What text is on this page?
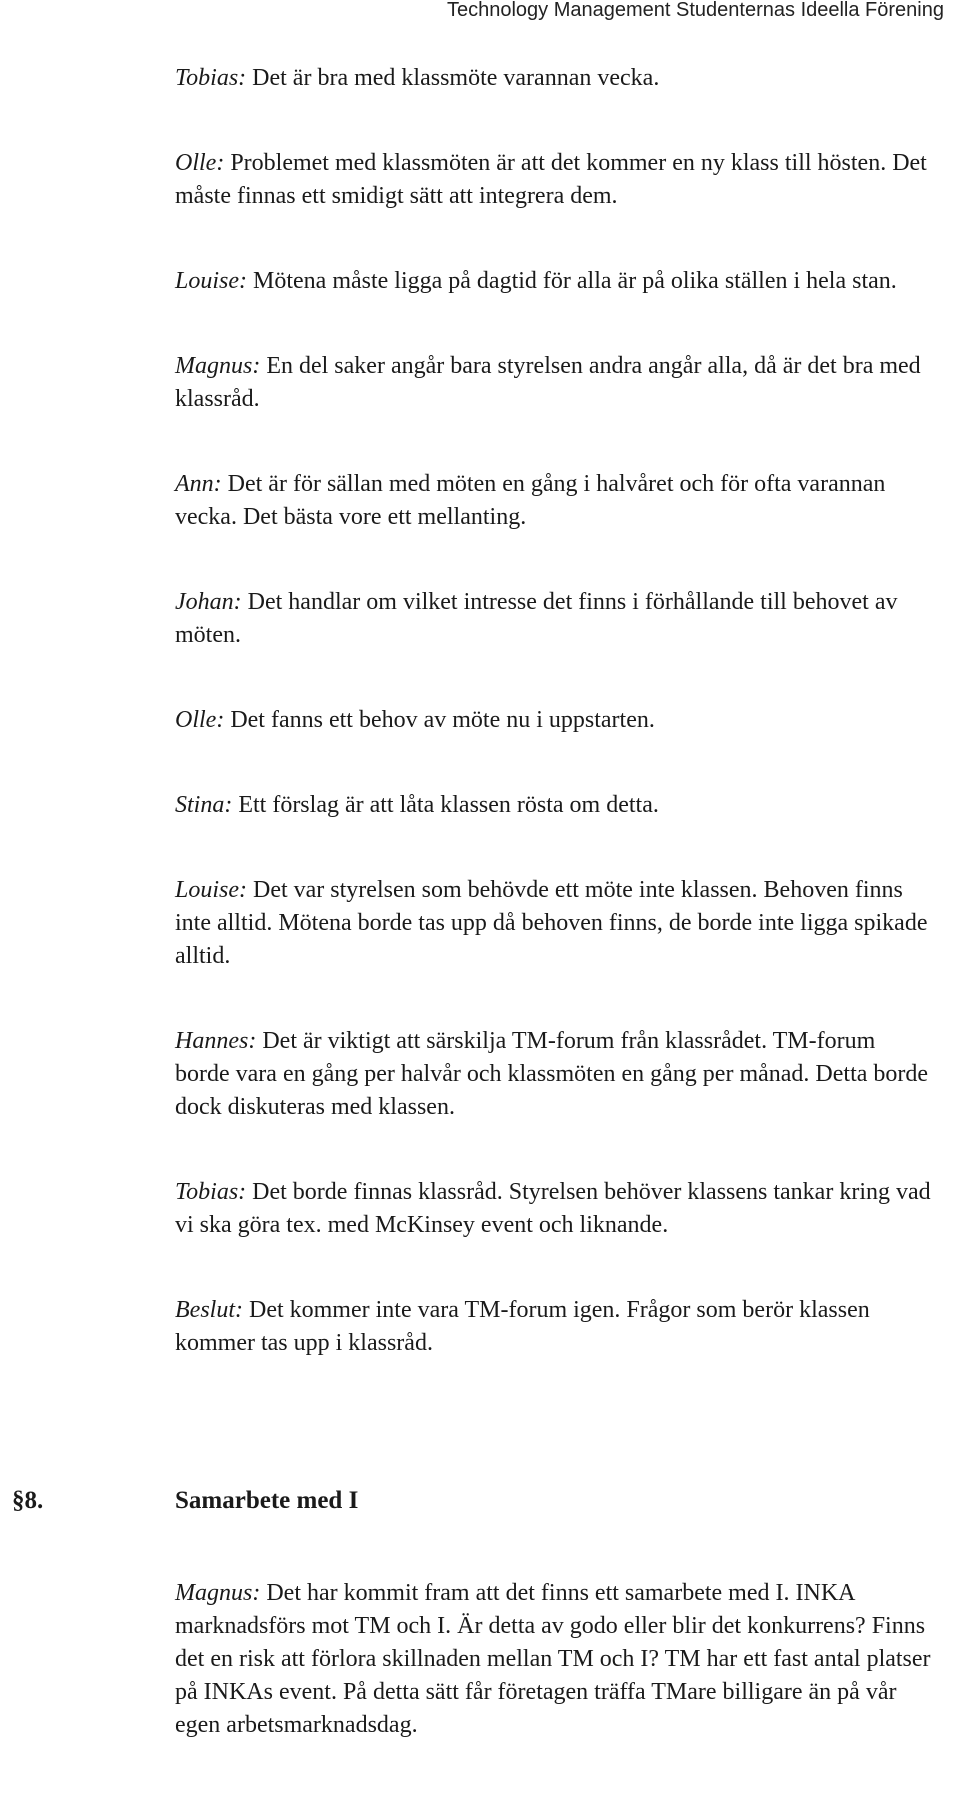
Technology Management Studenternas Ideella Förening

Tobias: Det är bra med klassmöte varannan vecka.

Olle: Problemet med klassmöten är att det kommer en ny klass till hösten. Det måste finnas ett smidigt sätt att integrera dem.

Louise: Mötena måste ligga på dagtid för alla är på olika ställen i hela stan.

Magnus: En del saker angår bara styrelsen andra angår alla, då är det bra med klassråd.

Ann: Det är för sällan med möten en gång i halvåret och för ofta varannan vecka. Det bästa vore ett mellanting.

Johan: Det handlar om vilket intresse det finns i förhållande till behovet av möten.

Olle: Det fanns ett behov av möte nu i uppstarten.

Stina: Ett förslag är att låta klassen rösta om detta.

Louise: Det var styrelsen som behövde ett möte inte klassen. Behoven finns inte alltid. Mötena borde tas upp då behoven finns, de borde inte ligga spikade alltid.

Hannes: Det är viktigt att särskilja TM-forum från klassrådet. TM-forum borde vara en gång per halvår och klassmöten en gång per månad. Detta borde dock diskuteras med klassen.

Tobias: Det borde finnas klassråd. Styrelsen behöver klassens tankar kring vad vi ska göra tex. med McKinsey event och liknande.

Beslut: Det kommer inte vara TM-forum igen. Frågor som berör klassen kommer tas upp i klassråd.

§8.	Samarbete med I

Magnus: Det har kommit fram att det finns ett samarbete med I. INKA marknadsförs mot TM och I. Är detta av godo eller blir det konkurrens? Finns det en risk att förlora skillnaden mellan TM och I? TM har ett fast antal platser på INKAs event. På detta sätt får företagen träffa TMare billigare än på vår egen arbetsmarknadsdag.
